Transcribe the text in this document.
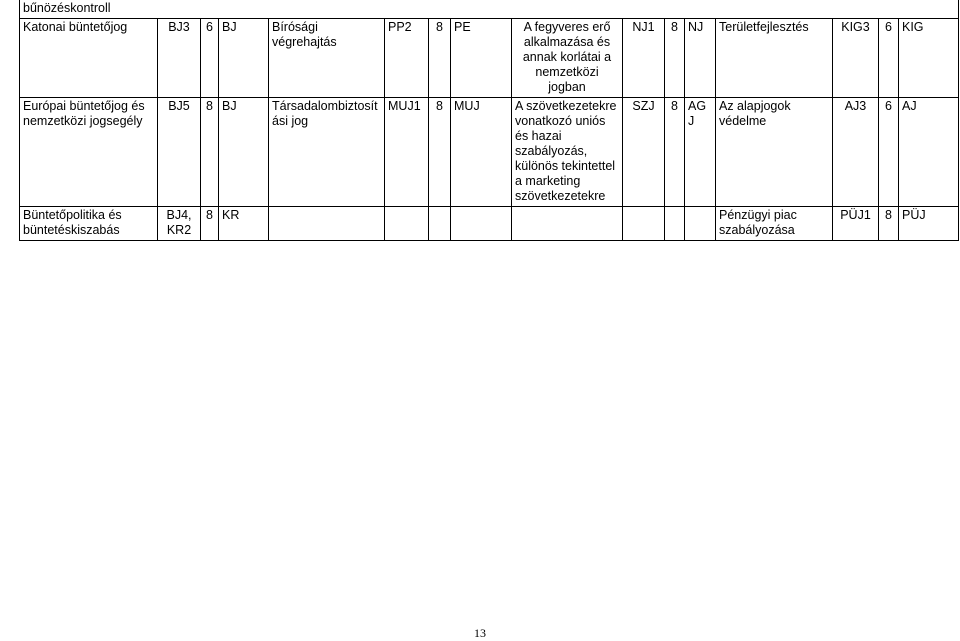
bűnözéskontroll															
Katonai büntetőjog	BJ3	6	BJ	Bírósági végrehajtás	PP2	8	PE	A fegyveres erő alkalmazása és annak korlátai a nemzetközi jogban	NJ1	8	NJ	Területfejlesztés	KIG3	6	KIG
Európai büntetőjog és nemzetközi jogsegély	BJ5	8	BJ	Társadalombiztosítási jog	MUJ1	8	MUJ	A szövetkezetekre vonatkozó uniós és hazai szabályozás, különös tekintettel a marketing szövetkezetekre	SZJ	8	AGJ	Az alapjogok védelme	AJ3	6	AJ
Büntetőpolitika és büntetéskiszabás	BJ4, KR2	8	KR									Pénzügyi piac szabályozása	PÜJ1	8	PÜJ
13
